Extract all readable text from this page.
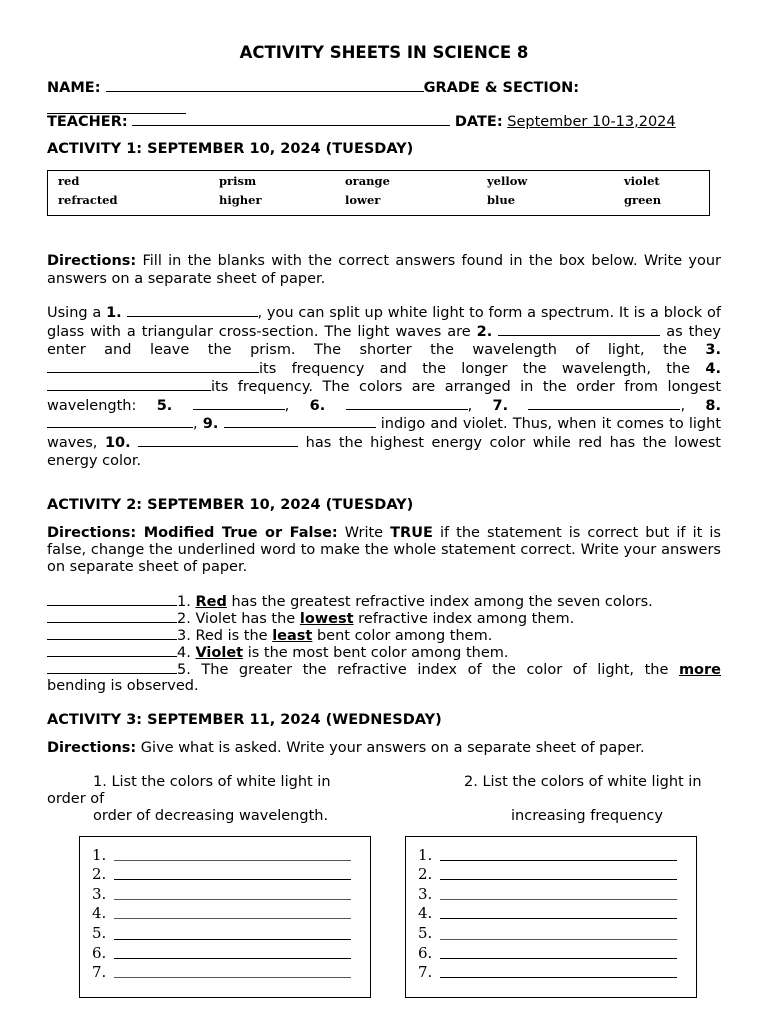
ACTIVITY SHEETS IN SCIENCE 8
NAME:	GRADE & SECTION:
TEACHER:	DATE: September 10-13,2024
ACTIVITY 1: SEPTEMBER 10, 2024 (TUESDAY)
red	prism	orange	yellow	violet
refracted	higher	lower	blue	green
Directions: Fill in the blanks with the correct answers found in the box below. Write your answers on a separate sheet of paper.
Using a 1.	, you can split up white light to form a spectrum. It is a block of glass with a triangular cross-section. The light waves are 2.	as they enter and leave the prism. The shorter the wavelength of light, the 3. its frequency and the longer the wavelength, the 4. its frequency. The colors are arranged in the order from longest wavelength: 5.	, 6.	, 7.	, 8. , 9.	indigo and violet. Thus, when it comes to light waves, 10.	has the highest energy color while red has the lowest energy color.
ACTIVITY 2: SEPTEMBER 10, 2024 (TUESDAY)
Directions: Modified True or False: Write TRUE if the statement is correct but if it is false, change the underlined word to make the whole statement correct. Write your answers on separate sheet of paper.
1. Red has the greatest refractive index among the seven colors.
2. Violet has the lowest refractive index among them.
3. Red is the least bent color among them.
4. Violet is the most bent color among them.
5. The greater the refractive index of the color of light, the more
bending is observed.
ACTIVITY 3: SEPTEMBER 11, 2024 (WEDNESDAY)
Directions: Give what is asked. Write your answers on a separate sheet of paper.
1. List the colors of white light in
order of
order of decreasing wavelength.
2. List the colors of white light in
increasing frequency
1.
2.
3.
4.
5.
6.
7.
1.
2.
3.
4.
5.
6.
7.
